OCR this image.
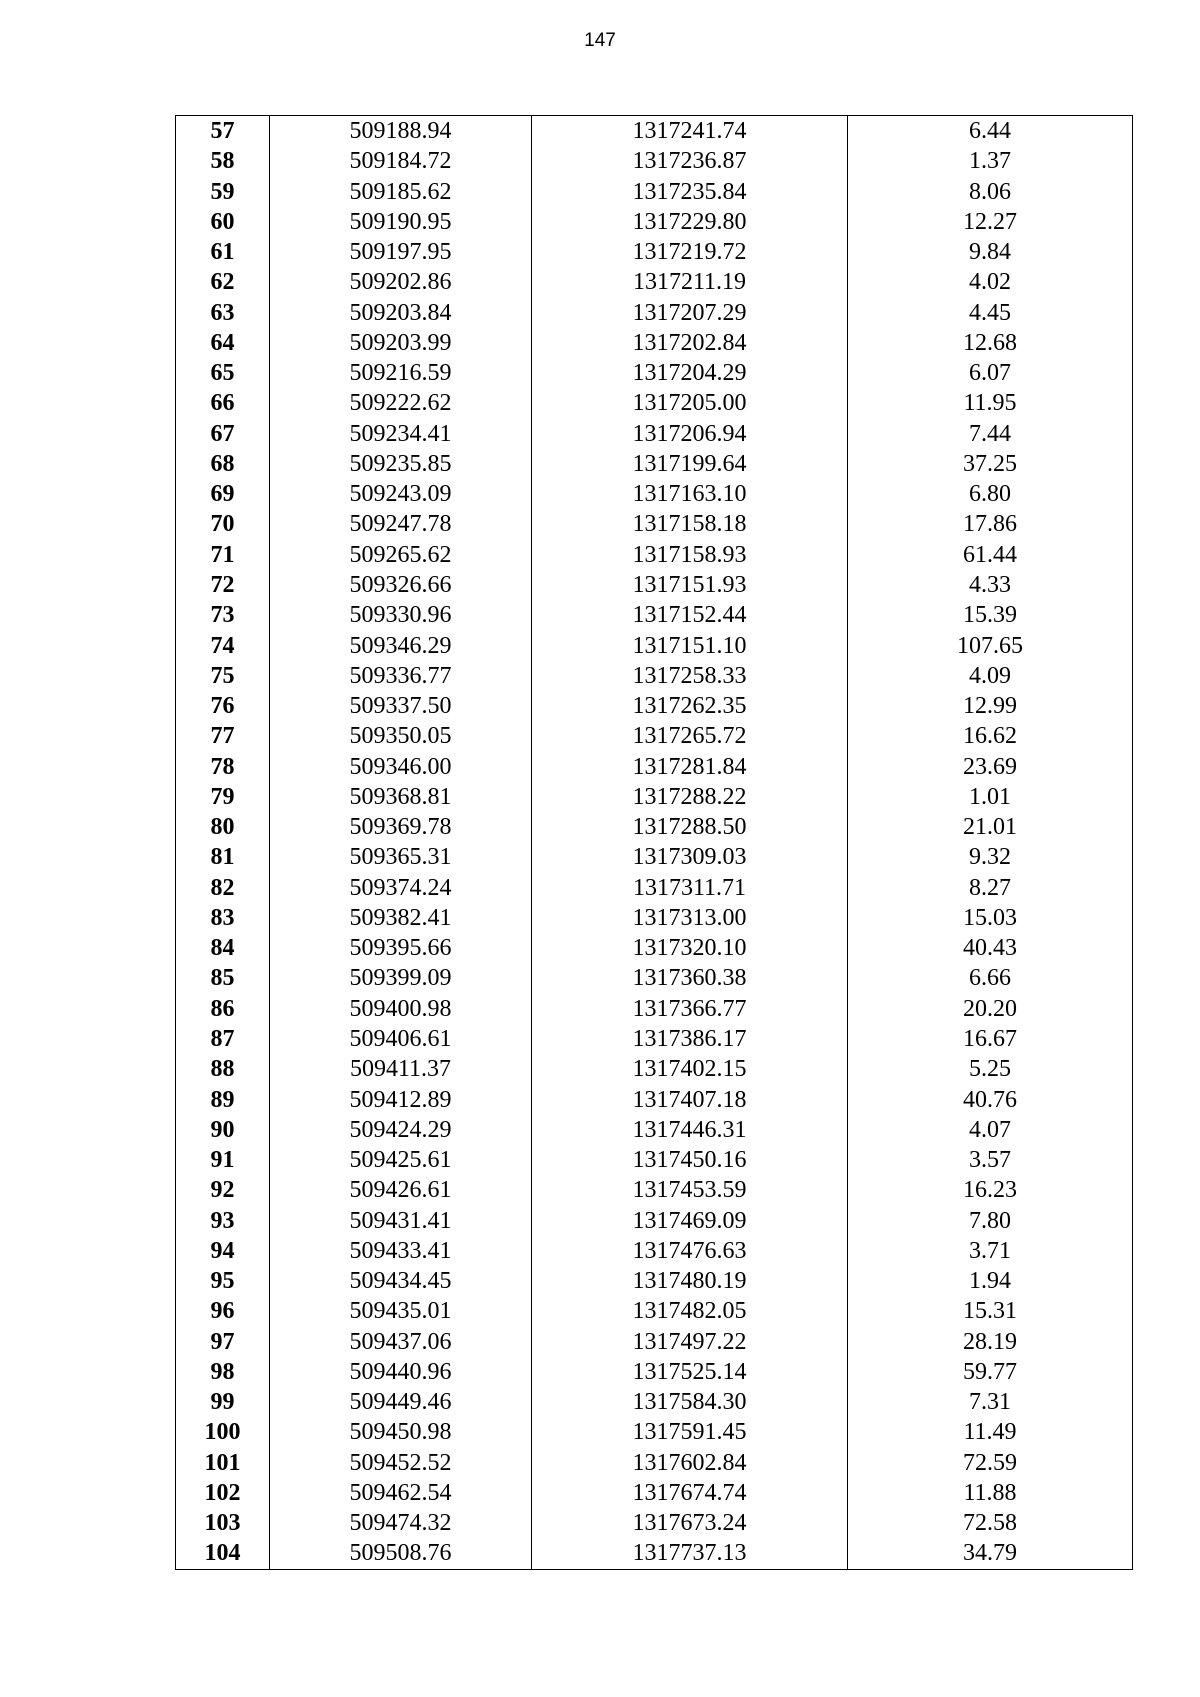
147
57	509188.94	1317241.74	6.44
58	509184.72	1317236.87	1.37
59	509185.62	1317235.84	8.06
60	509190.95	1317229.80	12.27
61	509197.95	1317219.72	9.84
62	509202.86	1317211.19	4.02
63	509203.84	1317207.29	4.45
64	509203.99	1317202.84	12.68
65	509216.59	1317204.29	6.07
66	509222.62	1317205.00	11.95
67	509234.41	1317206.94	7.44
68	509235.85	1317199.64	37.25
69	509243.09	1317163.10	6.80
70	509247.78	1317158.18	17.86
71	509265.62	1317158.93	61.44
72	509326.66	1317151.93	4.33
73	509330.96	1317152.44	15.39
74	509346.29	1317151.10	107.65
75	509336.77	1317258.33	4.09
76	509337.50	1317262.35	12.99
77	509350.05	1317265.72	16.62
78	509346.00	1317281.84	23.69
79	509368.81	1317288.22	1.01
80	509369.78	1317288.50	21.01
81	509365.31	1317309.03	9.32
82	509374.24	1317311.71	8.27
83	509382.41	1317313.00	15.03
84	509395.66	1317320.10	40.43
85	509399.09	1317360.38	6.66
86	509400.98	1317366.77	20.20
87	509406.61	1317386.17	16.67
88	509411.37	1317402.15	5.25
89	509412.89	1317407.18	40.76
90	509424.29	1317446.31	4.07
91	509425.61	1317450.16	3.57
92	509426.61	1317453.59	16.23
93	509431.41	1317469.09	7.80
94	509433.41	1317476.63	3.71
95	509434.45	1317480.19	1.94
96	509435.01	1317482.05	15.31
97	509437.06	1317497.22	28.19
98	509440.96	1317525.14	59.77
99	509449.46	1317584.30	7.31
100	509450.98	1317591.45	11.49
101	509452.52	1317602.84	72.59
102	509462.54	1317674.74	11.88
103	509474.32	1317673.24	72.58
104	509508.76	1317737.13	34.79
